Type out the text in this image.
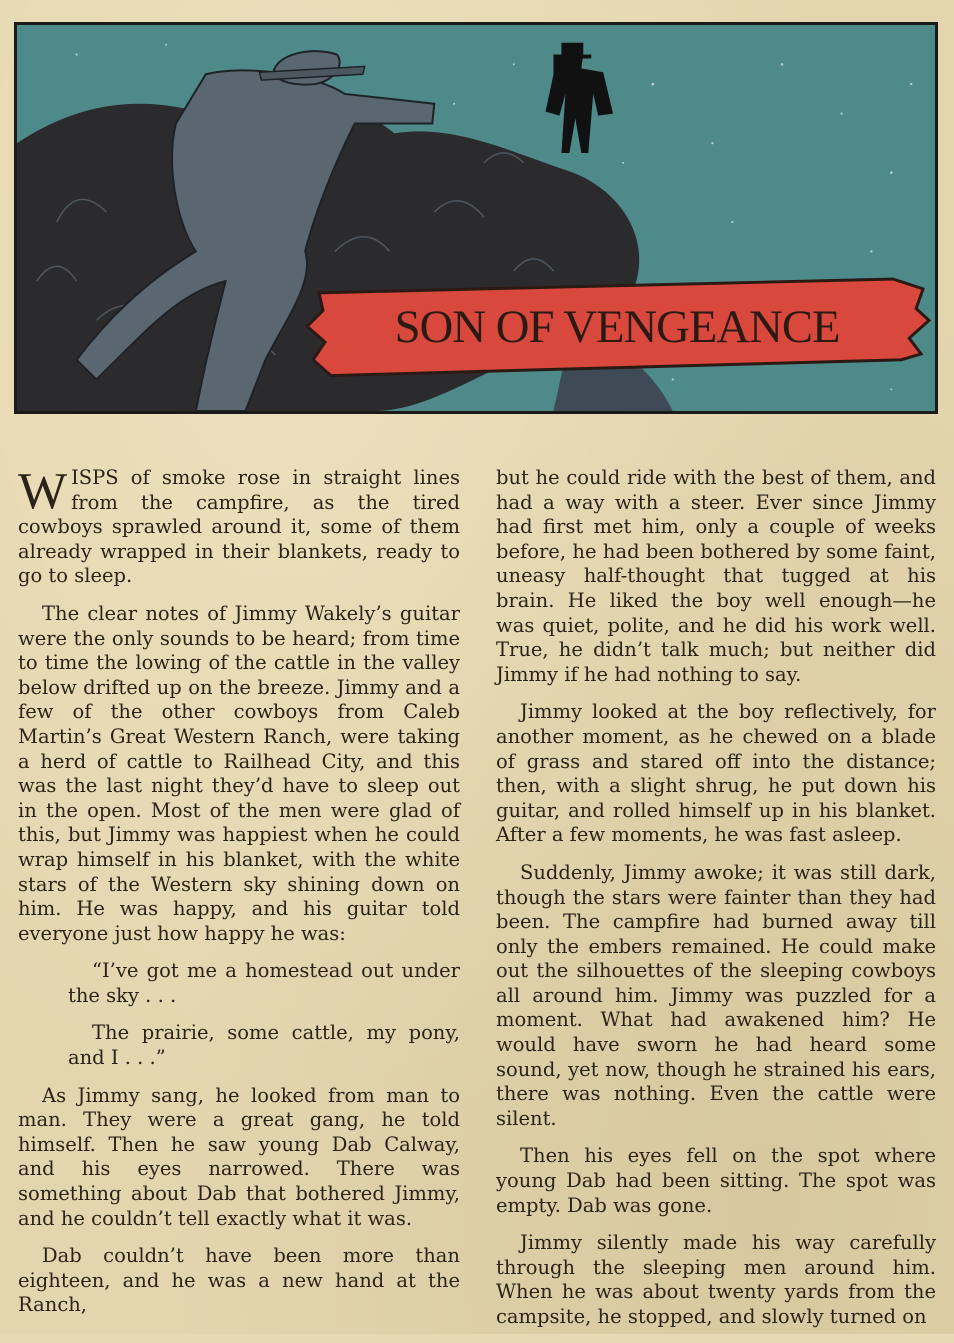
SON OF VENGEANCE

WISPS of smoke rose in straight lines from the campfire, as the tired cowboys sprawled around it, some of them already wrapped in their blankets, ready to go to sleep.

The clear notes of Jimmy Wakely’s guitar were the only sounds to be heard; from time to time the lowing of the cattle in the valley below drifted up on the breeze. Jimmy and a few of the other cowboys from Caleb Martin’s Great Western Ranch, were taking a herd of cattle to Railhead City, and this was the last night they’d have to sleep out in the open. Most of the men were glad of this, but Jimmy was happiest when he could wrap himself in his blanket, with the white stars of the Western sky shining down on him. He was happy, and his guitar told everyone just how happy he was:

“I’ve got me a homestead out under the sky . . .

The prairie, some cattle, my pony, and I . . .”

As Jimmy sang, he looked from man to man. They were a great gang, he told himself. Then he saw young Dab Calway, and his eyes narrowed. There was something about Dab that bothered Jimmy, and he couldn’t tell exactly what it was.

Dab couldn’t have been more than eighteen, and he was a new hand at the Ranch,

but he could ride with the best of them, and had a way with a steer. Ever since Jimmy had first met him, only a couple of weeks before, he had been bothered by some faint, uneasy half-thought that tugged at his brain. He liked the boy well enough—he was quiet, polite, and he did his work well. True, he didn’t talk much; but neither did Jimmy if he had nothing to say.

Jimmy looked at the boy reflectively, for another moment, as he chewed on a blade of grass and stared off into the distance; then, with a slight shrug, he put down his guitar, and rolled himself up in his blanket. After a few moments, he was fast asleep.

Suddenly, Jimmy awoke; it was still dark, though the stars were fainter than they had been. The campfire had burned away till only the embers remained. He could make out the silhouettes of the sleeping cowboys all around him. Jimmy was puzzled for a moment. What had awakened him? He would have sworn he had heard some sound, yet now, though he strained his ears, there was nothing. Even the cattle were silent.

Then his eyes fell on the spot where young Dab had been sitting. The spot was empty. Dab was gone.

Jimmy silently made his way carefully through the sleeping men around him. When he was about twenty yards from the campsite, he stopped, and slowly turned on
